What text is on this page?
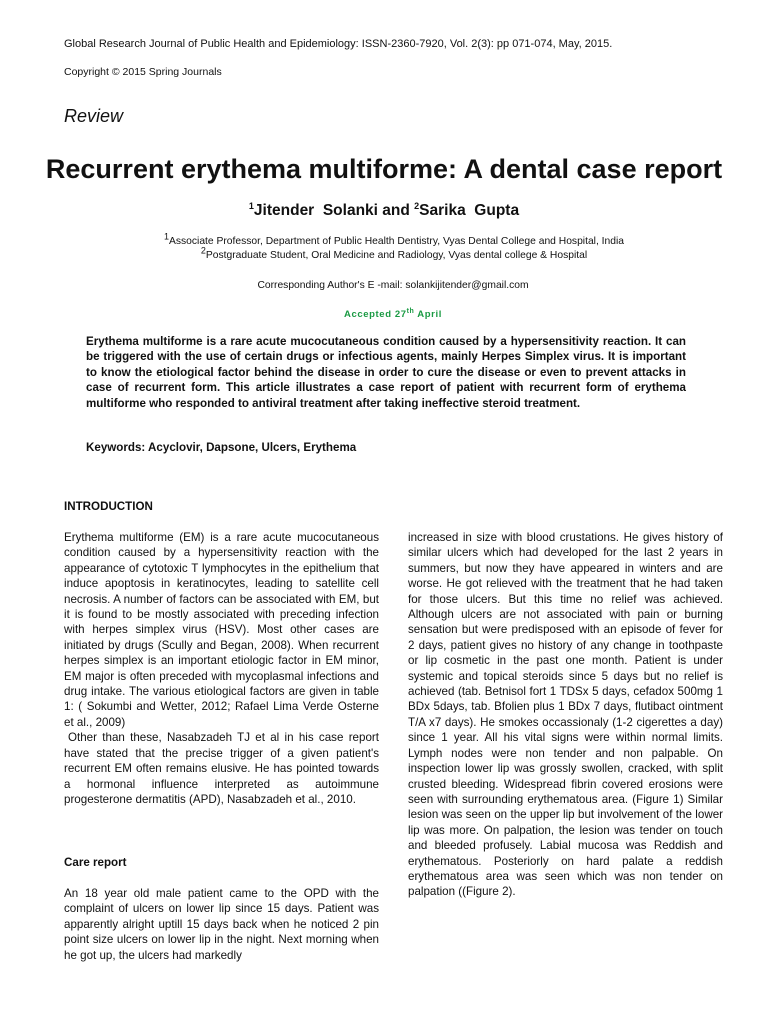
Global Research Journal of Public Health and Epidemiology: ISSN-2360-7920, Vol. 2(3): pp 071-074, May, 2015.
Copyright © 2015 Spring Journals
Review
Recurrent erythema multiforme: A dental case report
$^1$Jitender  Solanki and $^2$Sarika  Gupta
$^1$Associate Professor, Department of Public Health Dentistry, Vyas Dental College and Hospital, India
$^2$Postgraduate Student, Oral Medicine and Radiology, Vyas dental college & Hospital
Corresponding Author's E -mail: solankijitender@gmail.com
Accepted 27th April
Erythema multiforme is a rare acute mucocutaneous condition caused by a hypersensitivity reaction. It can be triggered with the use of certain drugs or infectious agents, mainly Herpes Simplex virus. It is important to know the etiological factor behind the disease in order to cure the disease or even to prevent attacks in case of recurrent form. This article illustrates a case report of patient with recurrent form of erythema multiforme who responded to antiviral treatment after taking ineffective steroid treatment.
Keywords: Acyclovir, Dapsone, Ulcers, Erythema
INTRODUCTION

Erythema multiforme (EM) is a rare acute mucocutaneous condition caused by a hypersensitivity reaction with the appearance of cytotoxic T lymphocytes in the epithelium that induce apoptosis in keratinocytes, leading to satellite cell necrosis. A number of factors can be associated with EM, but it is found to be mostly associated with preceding infection with herpes simplex virus (HSV). Most other cases are initiated by drugs (Scully and Began, 2008). When recurrent herpes simplex is an important etiologic factor in EM minor, EM major is often preceded with mycoplasmal infections and drug intake. The various etiological factors are given in table 1: ( Sokumbi and Wetter, 2012; Rafael Lima Verde Osterne et al., 2009)

Other than these, Nasabzadeh TJ et al in his case report have stated that the precise trigger of a given patient's recurrent EM often remains elusive. He has pointed towards a hormonal influence interpreted as autoimmune progesterone dermatitis (APD), Nasabzadeh et al., 2010.

Care report

An 18 year old male patient came to the OPD with the complaint of ulcers on lower lip since 15 days. Patient was apparently alright uptill 15 days back when he noticed 2 pin point size ulcers on lower lip in the night. Next morning when he got up, the ulcers had markedly

increased in size with blood crustations. He gives history of similar ulcers which had developed for the last 2 years in summers, but now they have appeared in winters and are worse. He got relieved with the treatment that he had taken for those ulcers. But this time no relief was achieved. Although ulcers are not associated with pain or burning sensation but were predisposed with an episode of fever for 2 days, patient gives no history of any change in toothpaste or lip cosmetic in the past one month. Patient is under systemic and topical steroids since 5 days but no relief is achieved (tab. Betnisol fort 1 TDSx 5 days, cefadox 500mg 1 BDx 5days, tab. Bfolien plus 1 BDx 7 days, flutibact ointment T/A x7 days). He smokes occassionaly (1-2 cigerettes a day) since 1 year. All his vital signs were within normal limits. Lymph nodes were non tender and non palpable. On inspection lower lip was grossly swollen, cracked, with split crusted bleeding. Widespread fibrin covered erosions were seen with surrounding erythematous area. (Figure 1) Similar lesion was seen on the upper lip but involvement of the lower lip was more. On palpation, the lesion was tender on touch and bleeded profusely. Labial mucosa was Reddish and erythematous. Posteriorly on hard palate a reddish erythematous area was seen which was non tender on palpation ((Figure 2).
